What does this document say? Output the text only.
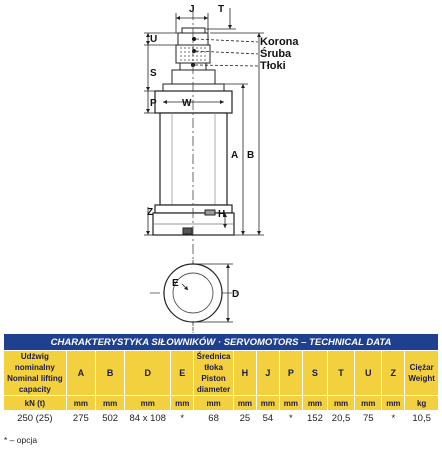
J T
U
S
P	W
A B
Z	H
E
D
Korona
Śruba
Tłoki
CHARAKTERYSTYKA SIŁOWNIKÓW · SERVOMOTORS – TECHNICAL DATA													

Udźwig nominalny
Nominal lifting capacity	A	B	D	E	Średnica tłoka
Piston diameter	H	J	P	S	T	U	Z	Ciężar
Weight

kN (t)	mm	mm	mm	mm	mm	mm	mm	mm	mm	mm	mm	mm	kg
250 (25)	275	502	84 x 108	*	68	25	54	*	152	20,5	75	*	10,5
* – opcja
